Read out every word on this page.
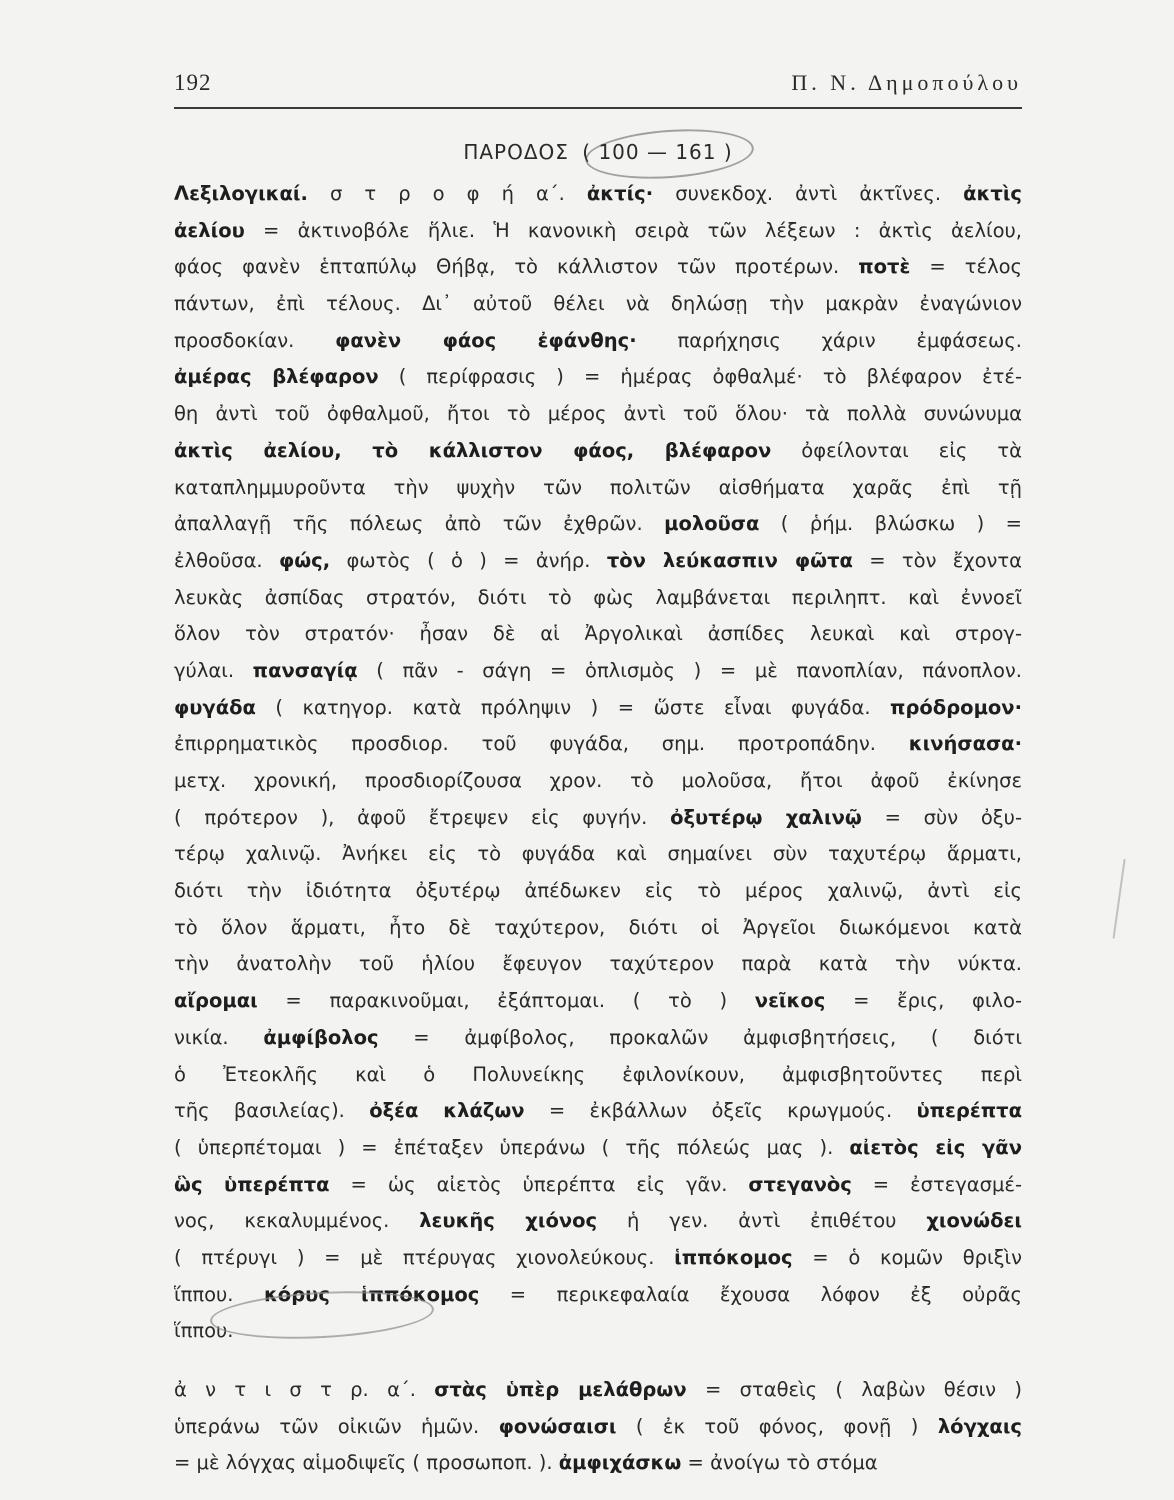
192	Π. Ν. Δημοπούλου
ΠΑΡΟΔΟΣ ( 100 — 161 )
Λεξιλογικαί. σ τ ρ ο φ ή α΄. ἀκτίς· συνεκδοχ. ἀντὶ ἀκτῖνες. ἀκτὶς
ἀελίου = ἀκτινοβόλε ἥλιε. Ἡ κανονικὴ σειρὰ τῶν λέξεων : ἀκτὶς ἀελίου,
φάος φανὲν ἑπταπύλῳ Θήβᾳ, τὸ κάλλιστον τῶν προτέρων. ποτὲ = τέλος
πάντων, ἐπὶ τέλους. Δι᾽ αὐτοῦ θέλει νὰ δηλώσῃ τὴν μακρὰν ἐναγώνιον
προσδοκίαν. φανὲν φάος ἐφάνθης· παρήχησις χάριν ἐμφάσεως.
ἀμέρας βλέφαρον ( περίφρασις ) = ἡμέρας ὀφθαλμέ· τὸ βλέφαρον ἐτέ-
θη ἀντὶ τοῦ ὀφθαλμοῦ, ἤτοι τὸ μέρος ἀντὶ τοῦ ὅλου· τὰ πολλὰ συνώνυμα
ἀκτὶς ἀελίου, τὸ κάλλιστον φάος, βλέφαρον ὀφείλονται εἰς τὰ
καταπλημμυροῦντα τὴν ψυχὴν τῶν πολιτῶν αἰσθήματα χαρᾶς ἐπὶ τῇ
ἀπαλλαγῇ τῆς πόλεως ἀπὸ τῶν ἐχθρῶν. μολοῦσα ( ῥήμ. βλώσκω ) =
ἐλθοῦσα. φώς, φωτὸς ( ὁ ) = ἀνήρ. τὸν λεύκασπιν φῶτα = τὸν ἔχοντα
λευκὰς ἀσπίδας στρατόν, διότι τὸ φὼς λαμβάνεται περιληπτ. καὶ ἐννοεῖ
ὅλον τὸν στρατόν· ἦσαν δὲ αἱ Ἀργολικαὶ ἀσπίδες λευκαὶ καὶ στρογ-
γύλαι. πανσαγίᾳ ( πᾶν - σάγη = ὁπλισμὸς ) = μὲ πανοπλίαν, πάνοπλον.
φυγάδα ( κατηγορ. κατὰ πρόληψιν ) = ὥστε εἶναι φυγάδα. πρόδρομον·
ἐπιρρηματικὸς προσδιορ. τοῦ φυγάδα, σημ. προτροπάδην. κινήσασα·
μετχ. χρονική, προσδιορίζουσα χρον. τὸ μολοῦσα, ἤτοι ἀφοῦ ἐκίνησε
( πρότερον ), ἀφοῦ ἔτρεψεν εἰς φυγήν. ὀξυτέρῳ χαλινῷ = σὺν ὀξυ-
τέρῳ χαλινῷ. Ἀνήκει εἰς τὸ φυγάδα καὶ σημαίνει σὺν ταχυτέρῳ ἅρματι,
διότι τὴν ἰδιότητα ὀξυτέρῳ ἀπέδωκεν εἰς τὸ μέρος χαλινῷ, ἀντὶ εἰς
τὸ ὅλον ἅρματι, ἦτο δὲ ταχύτερον, διότι οἱ Ἀργεῖοι διωκόμενοι κατὰ
τὴν ἀνατολὴν τοῦ ἡλίου ἔφευγον ταχύτερον παρὰ κατὰ τὴν νύκτα.
αἴρομαι = παρακινοῦμαι, ἐξάπτομαι. ( τὸ ) νεῖκος = ἔρις, φιλο-
νικία. ἀμφίβολος = ἀμφίβολος, προκαλῶν ἀμφισβητήσεις, ( διότι
ὁ Ἐτεοκλῆς καὶ ὁ Πολυνείκης ἐφιλονίκουν, ἀμφισβητοῦντες περὶ
τῆς βασιλείας). ὀξέα κλάζων = ἐκβάλλων ὀξεῖς κρωγμούς. ὑπερέπτα
( ὑπερπέτομαι ) = ἐπέταξεν ὑπεράνω ( τῆς πόλεώς μας ). αἰετὸς εἰς γᾶν
ὣς ὑπερέπτα = ὡς αἰετὸς ὑπερέπτα εἰς γᾶν. στεγανὸς = ἐστεγασμέ-
νος, κεκαλυμμένος. λευκῆς χιόνος ἡ γεν. ἀντὶ ἐπιθέτου χιονώδει
( πτέρυγι ) = μὲ πτέρυγας χιονολεύκους. ἱππόκομος = ὁ κομῶν θριξὶν
ἵππου. κόρυς ἱππόκομος = περικεφαλαία ἔχουσα λόφον ἐξ οὐρᾶς
ἵππου.
ἀ ν τ ι σ τ ρ. α΄. στὰς ὑπὲρ μελάθρων = σταθεὶς ( λαβὼν θέσιν )
ὑπεράνω τῶν οἰκιῶν ἡμῶν. φονώσαισι ( ἐκ τοῦ φόνος, φονῇ ) λόγχαις
= μὲ λόγχας αἱμοδιψεῖς ( προσωποπ. ). ἀμφιχάσκω = ἀνοίγω τὸ στόμα
